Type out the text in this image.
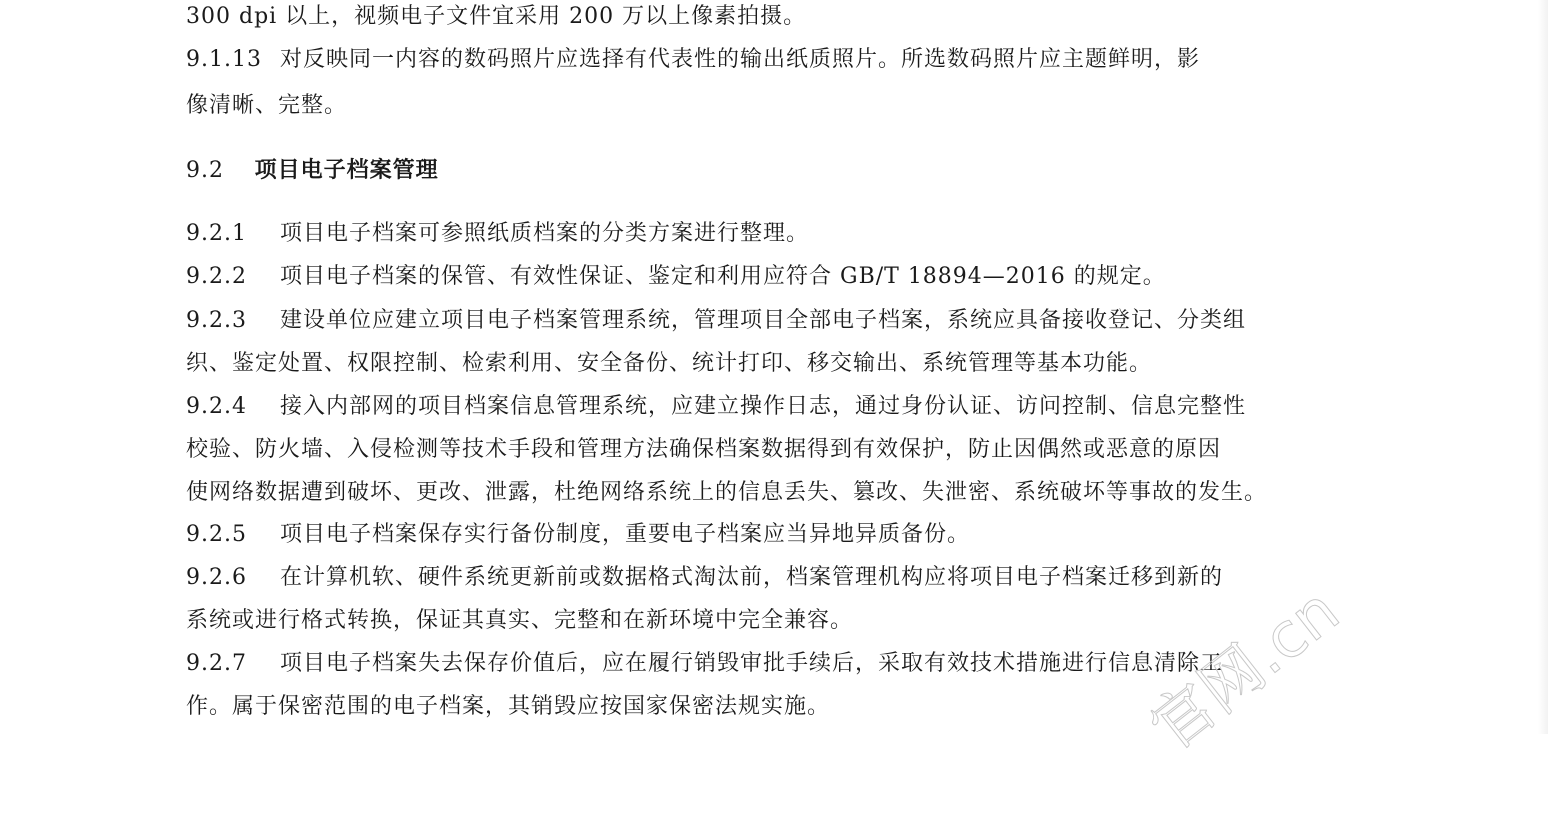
300 dpi 以上，视频电子文件宜采用 200 万以上像素拍摄。
9.1.13 对反映同一内容的数码照片应选择有代表性的输出纸质照片。所选数码照片应主题鲜明，影
像清晰、完整。
9.2 项目电子档案管理
9.2.1 项目电子档案可参照纸质档案的分类方案进行整理。
9.2.2 项目电子档案的保管、有效性保证、鉴定和利用应符合 GB/T 18894—2016 的规定。
9.2.3 建设单位应建立项目电子档案管理系统，管理项目全部电子档案，系统应具备接收登记、分类组
织、鉴定处置、权限控制、检索利用、安全备份、统计打印、移交输出、系统管理等基本功能。
9.2.4 接入内部网的项目档案信息管理系统，应建立操作日志，通过身份认证、访问控制、信息完整性
校验、防火墙、入侵检测等技术手段和管理方法确保档案数据得到有效保护，防止因偶然或恶意的原因
使网络数据遭到破坏、更改、泄露，杜绝网络系统上的信息丢失、篡改、失泄密、系统破坏等事故的发生。
9.2.5 项目电子档案保存实行备份制度，重要电子档案应当异地异质备份。
9.2.6 在计算机软、硬件系统更新前或数据格式淘汰前，档案管理机构应将项目电子档案迁移到新的
系统或进行格式转换，保证其真实、完整和在新环境中完全兼容。
9.2.7 项目电子档案失去保存价值后，应在履行销毁审批手续后，采取有效技术措施进行信息清除工
作。属于保密范围的电子档案，其销毁应按国家保密法规实施。	官网.cn
